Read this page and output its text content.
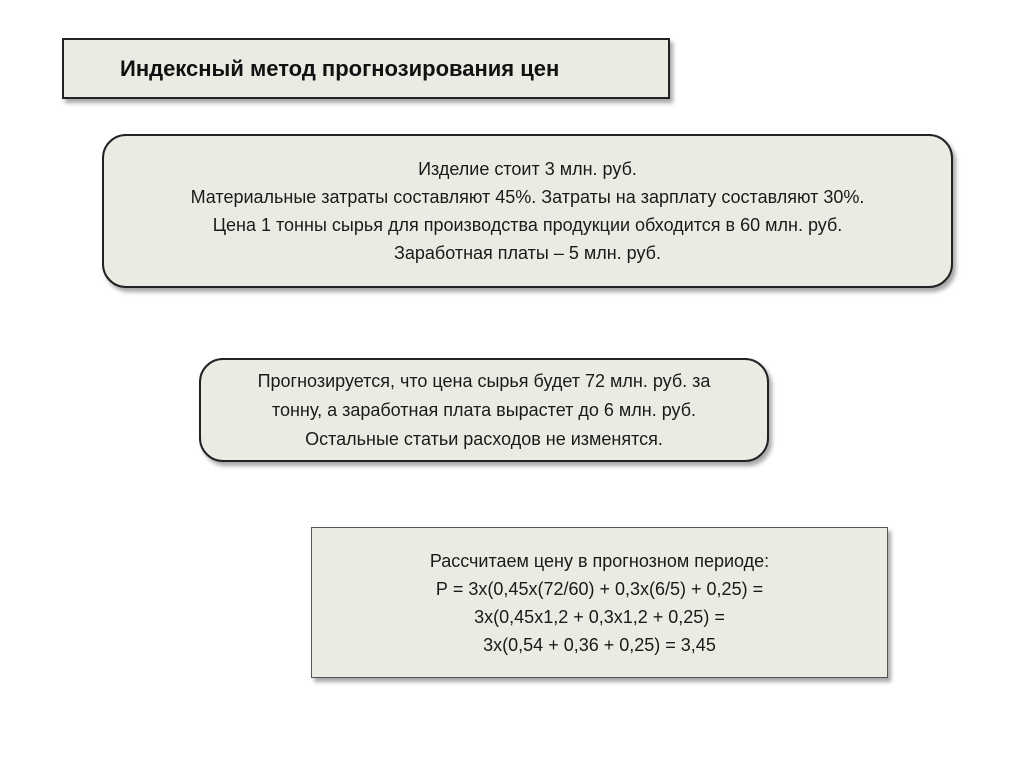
Индексный метод прогнозирования цен
Изделие стоит 3 млн. руб.
Материальные затраты составляют 45%. Затраты на зарплату составляют 30%.
Цена 1 тонны сырья для производства продукции обходится в 60 млн. руб.
Заработная платы – 5 млн. руб.
Прогнозируется, что цена сырья будет 72 млн. руб. за
тонну, а заработная плата вырастет до 6 млн. руб.
Остальные статьи расходов не изменятся.
Рассчитаем цену в прогнозном периоде:
Р = 3х(0,45х(72/60) + 0,3х(6/5) + 0,25) =
3х(0,45х1,2 + 0,3х1,2 + 0,25) =
3х(0,54 + 0,36 + 0,25) = 3,45
